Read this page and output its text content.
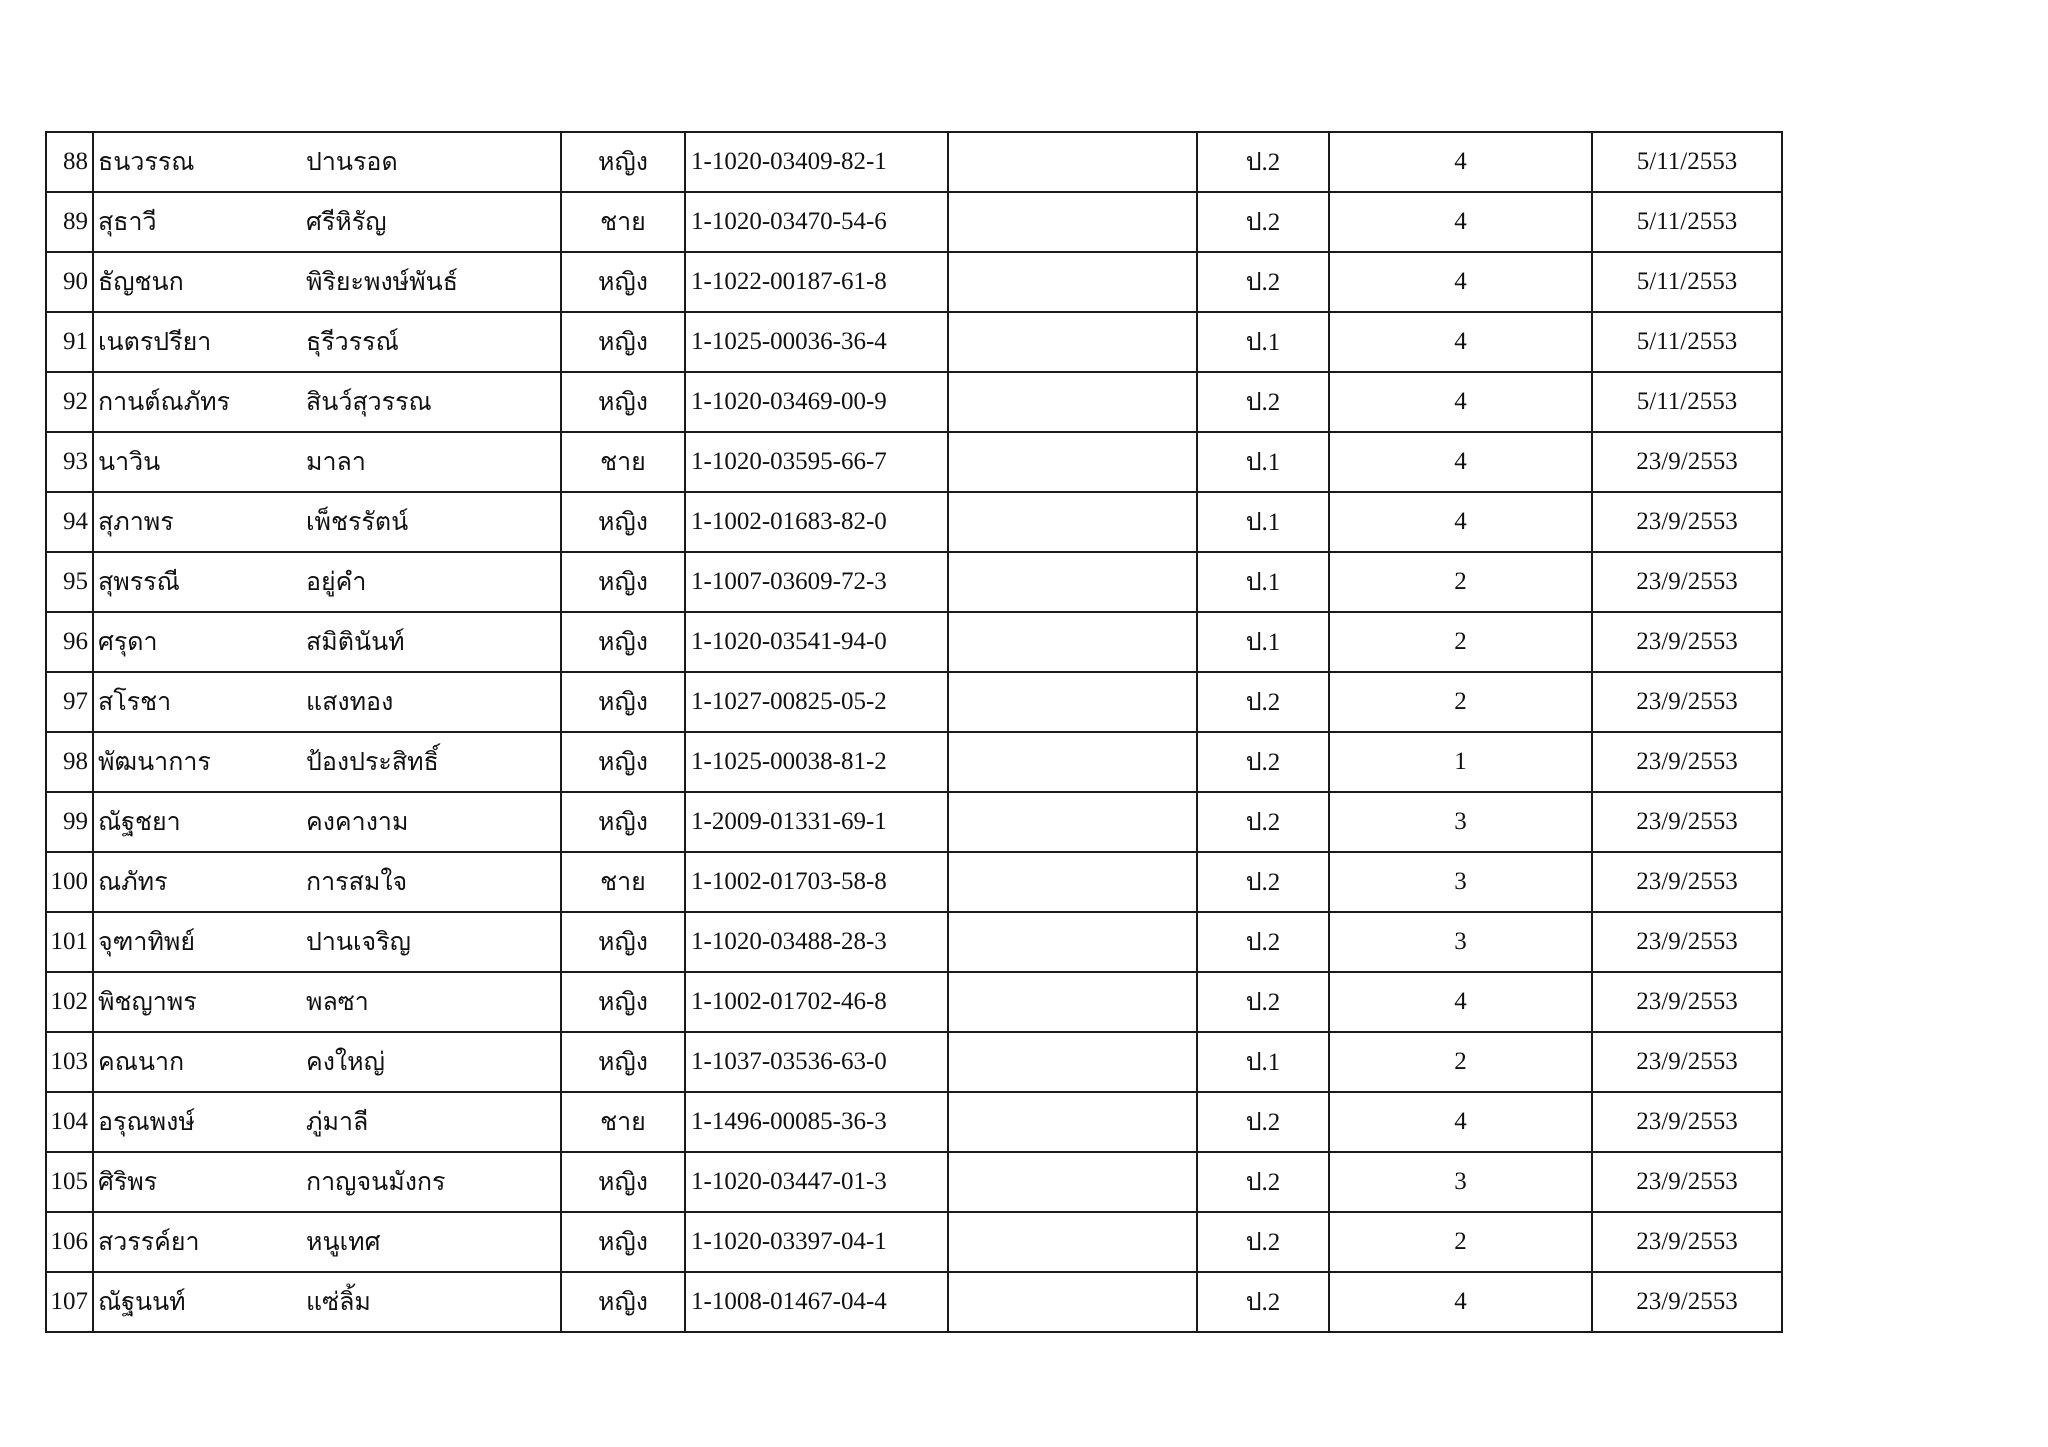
88	ธนวรรณ	ปานรอด	หญิง	1-1020-03409-82-1		ป.2	4	5/11/2553
89	สุธาวี	ศรีหิรัญ	ชาย	1-1020-03470-54-6		ป.2	4	5/11/2553
90	ธัญชนก	พิริยะพงษ์พันธ์	หญิง	1-1022-00187-61-8		ป.2	4	5/11/2553
91	เนตรปรียา	ธุรีวรรณ์	หญิง	1-1025-00036-36-4		ป.1	4	5/11/2553
92	กานต์ณภัทร	สินว์สุวรรณ	หญิง	1-1020-03469-00-9		ป.2	4	5/11/2553
93	นาวิน	มาลา	ชาย	1-1020-03595-66-7		ป.1	4	23/9/2553
94	สุภาพร	เพ็ชรรัตน์	หญิง	1-1002-01683-82-0		ป.1	4	23/9/2553
95	สุพรรณี	อยู่คำ	หญิง	1-1007-03609-72-3		ป.1	2	23/9/2553
96	ศรุดา	สมิตินันท์	หญิง	1-1020-03541-94-0		ป.1	2	23/9/2553
97	สโรชา	แสงทอง	หญิง	1-1027-00825-05-2		ป.2	2	23/9/2553
98	พัฒนาการ	ป้องประสิทธิ์	หญิง	1-1025-00038-81-2		ป.2	1	23/9/2553
99	ณัฐชยา	คงคางาม	หญิง	1-2009-01331-69-1		ป.2	3	23/9/2553
100	ณภัทร	การสมใจ	ชาย	1-1002-01703-58-8		ป.2	3	23/9/2553
101	จุฑาทิพย์	ปานเจริญ	หญิง	1-1020-03488-28-3		ป.2	3	23/9/2553
102	พิชญาพร	พลซา	หญิง	1-1002-01702-46-8		ป.2	4	23/9/2553
103	คณนาก	คงใหญ่	หญิง	1-1037-03536-63-0		ป.1	2	23/9/2553
104	อรุณพงษ์	ภู่มาลี	ชาย	1-1496-00085-36-3		ป.2	4	23/9/2553
105	ศิริพร	กาญจนมังกร	หญิง	1-1020-03447-01-3		ป.2	3	23/9/2553
106	สวรรค์ยา	หนูเทศ	หญิง	1-1020-03397-04-1		ป.2	2	23/9/2553
107	ณัฐนนท์	แซ่ลิ้ม	หญิง	1-1008-01467-04-4		ป.2	4	23/9/2553
